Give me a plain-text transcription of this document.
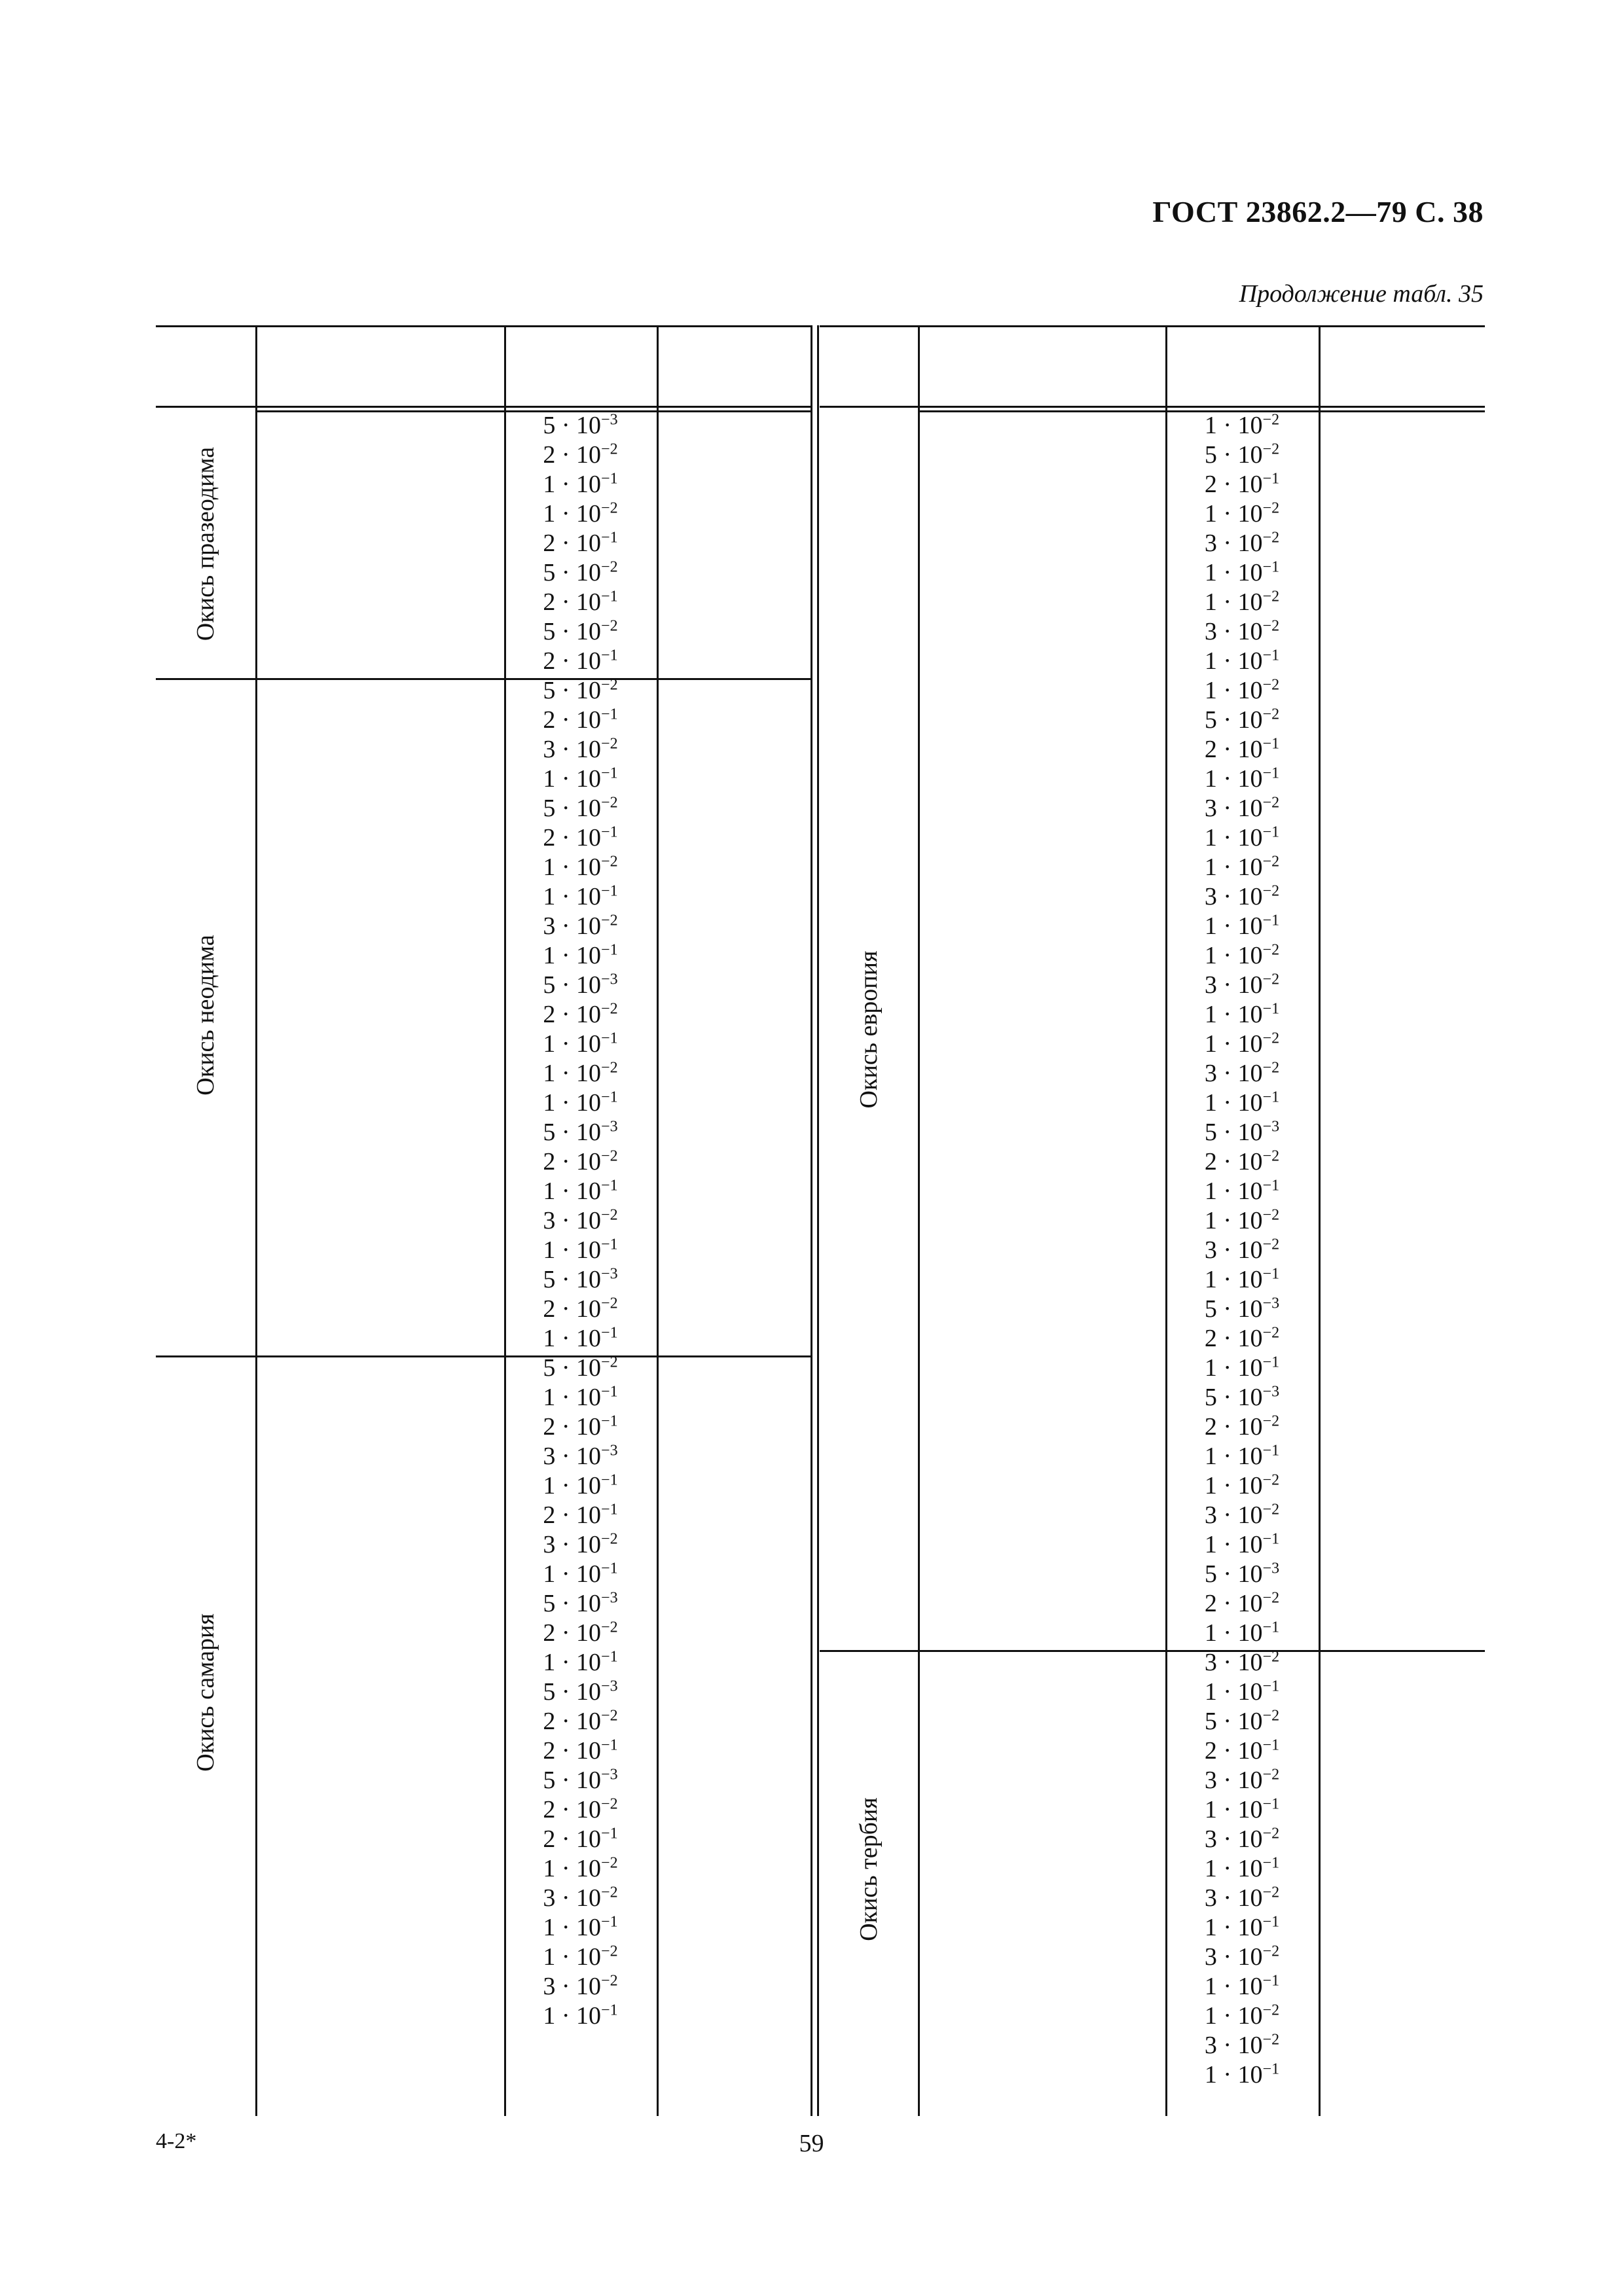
ГОСТ 23862.2—79 С. 38
Продолжение табл. 35
$5 \cdot 10^{-3}$
$2 \cdot 10^{-2}$
$1 \cdot 10^{-1}$
$1 \cdot 10^{-2}$
$2 \cdot 10^{-1}$
$5 \cdot 10^{-2}$
$2 \cdot 10^{-1}$
$5 \cdot 10^{-2}$
$2 \cdot 10^{-1}$
Окись празеодима
$5 \cdot 10^{-2}$
$2 \cdot 10^{-1}$
$3 \cdot 10^{-2}$
$1 \cdot 10^{-1}$
$5 \cdot 10^{-2}$
$2 \cdot 10^{-1}$
$1 \cdot 10^{-2}$
$1 \cdot 10^{-1}$
$3 \cdot 10^{-2}$
$1 \cdot 10^{-1}$
$5 \cdot 10^{-3}$
$2 \cdot 10^{-2}$
$1 \cdot 10^{-1}$
$1 \cdot 10^{-2}$
$1 \cdot 10^{-1}$
$5 \cdot 10^{-3}$
$2 \cdot 10^{-2}$
$1 \cdot 10^{-1}$
$3 \cdot 10^{-2}$
$1 \cdot 10^{-1}$
$5 \cdot 10^{-3}$
$2 \cdot 10^{-2}$
$1 \cdot 10^{-1}$
Окись неодима
$5 \cdot 10^{-2}$
$1 \cdot 10^{-1}$
$2 \cdot 10^{-1}$
$3 \cdot 10^{-3}$
$1 \cdot 10^{-1}$
$2 \cdot 10^{-1}$
$3 \cdot 10^{-2}$
$1 \cdot 10^{-1}$
$5 \cdot 10^{-3}$
$2 \cdot 10^{-2}$
$1 \cdot 10^{-1}$
$5 \cdot 10^{-3}$
$2 \cdot 10^{-2}$
$2 \cdot 10^{-1}$
$5 \cdot 10^{-3}$
$2 \cdot 10^{-2}$
$2 \cdot 10^{-1}$
$1 \cdot 10^{-2}$
$3 \cdot 10^{-2}$
$1 \cdot 10^{-1}$
$1 \cdot 10^{-2}$
$3 \cdot 10^{-2}$
$1 \cdot 10^{-1}$
Окись самария
$1 \cdot 10^{-2}$
$5 \cdot 10^{-2}$
$2 \cdot 10^{-1}$
$1 \cdot 10^{-2}$
$3 \cdot 10^{-2}$
$1 \cdot 10^{-1}$
$1 \cdot 10^{-2}$
$3 \cdot 10^{-2}$
$1 \cdot 10^{-1}$
$1 \cdot 10^{-2}$
$5 \cdot 10^{-2}$
$2 \cdot 10^{-1}$
$1 \cdot 10^{-1}$
$3 \cdot 10^{-2}$
$1 \cdot 10^{-1}$
$1 \cdot 10^{-2}$
$3 \cdot 10^{-2}$
$1 \cdot 10^{-1}$
$1 \cdot 10^{-2}$
$3 \cdot 10^{-2}$
$1 \cdot 10^{-1}$
$1 \cdot 10^{-2}$
$3 \cdot 10^{-2}$
$1 \cdot 10^{-1}$
$5 \cdot 10^{-3}$
$2 \cdot 10^{-2}$
$1 \cdot 10^{-1}$
$1 \cdot 10^{-2}$
$3 \cdot 10^{-2}$
$1 \cdot 10^{-1}$
$5 \cdot 10^{-3}$
$2 \cdot 10^{-2}$
$1 \cdot 10^{-1}$
$5 \cdot 10^{-3}$
$2 \cdot 10^{-2}$
$1 \cdot 10^{-1}$
$1 \cdot 10^{-2}$
$3 \cdot 10^{-2}$
$1 \cdot 10^{-1}$
$5 \cdot 10^{-3}$
$2 \cdot 10^{-2}$
$1 \cdot 10^{-1}$
Окись европия
$3 \cdot 10^{-2}$
$1 \cdot 10^{-1}$
$5 \cdot 10^{-2}$
$2 \cdot 10^{-1}$
$3 \cdot 10^{-2}$
$1 \cdot 10^{-1}$
$3 \cdot 10^{-2}$
$1 \cdot 10^{-1}$
$3 \cdot 10^{-2}$
$1 \cdot 10^{-1}$
$3 \cdot 10^{-2}$
$1 \cdot 10^{-1}$
$1 \cdot 10^{-2}$
$3 \cdot 10^{-2}$
$1 \cdot 10^{-1}$
Окись тербия
4-2*	59
